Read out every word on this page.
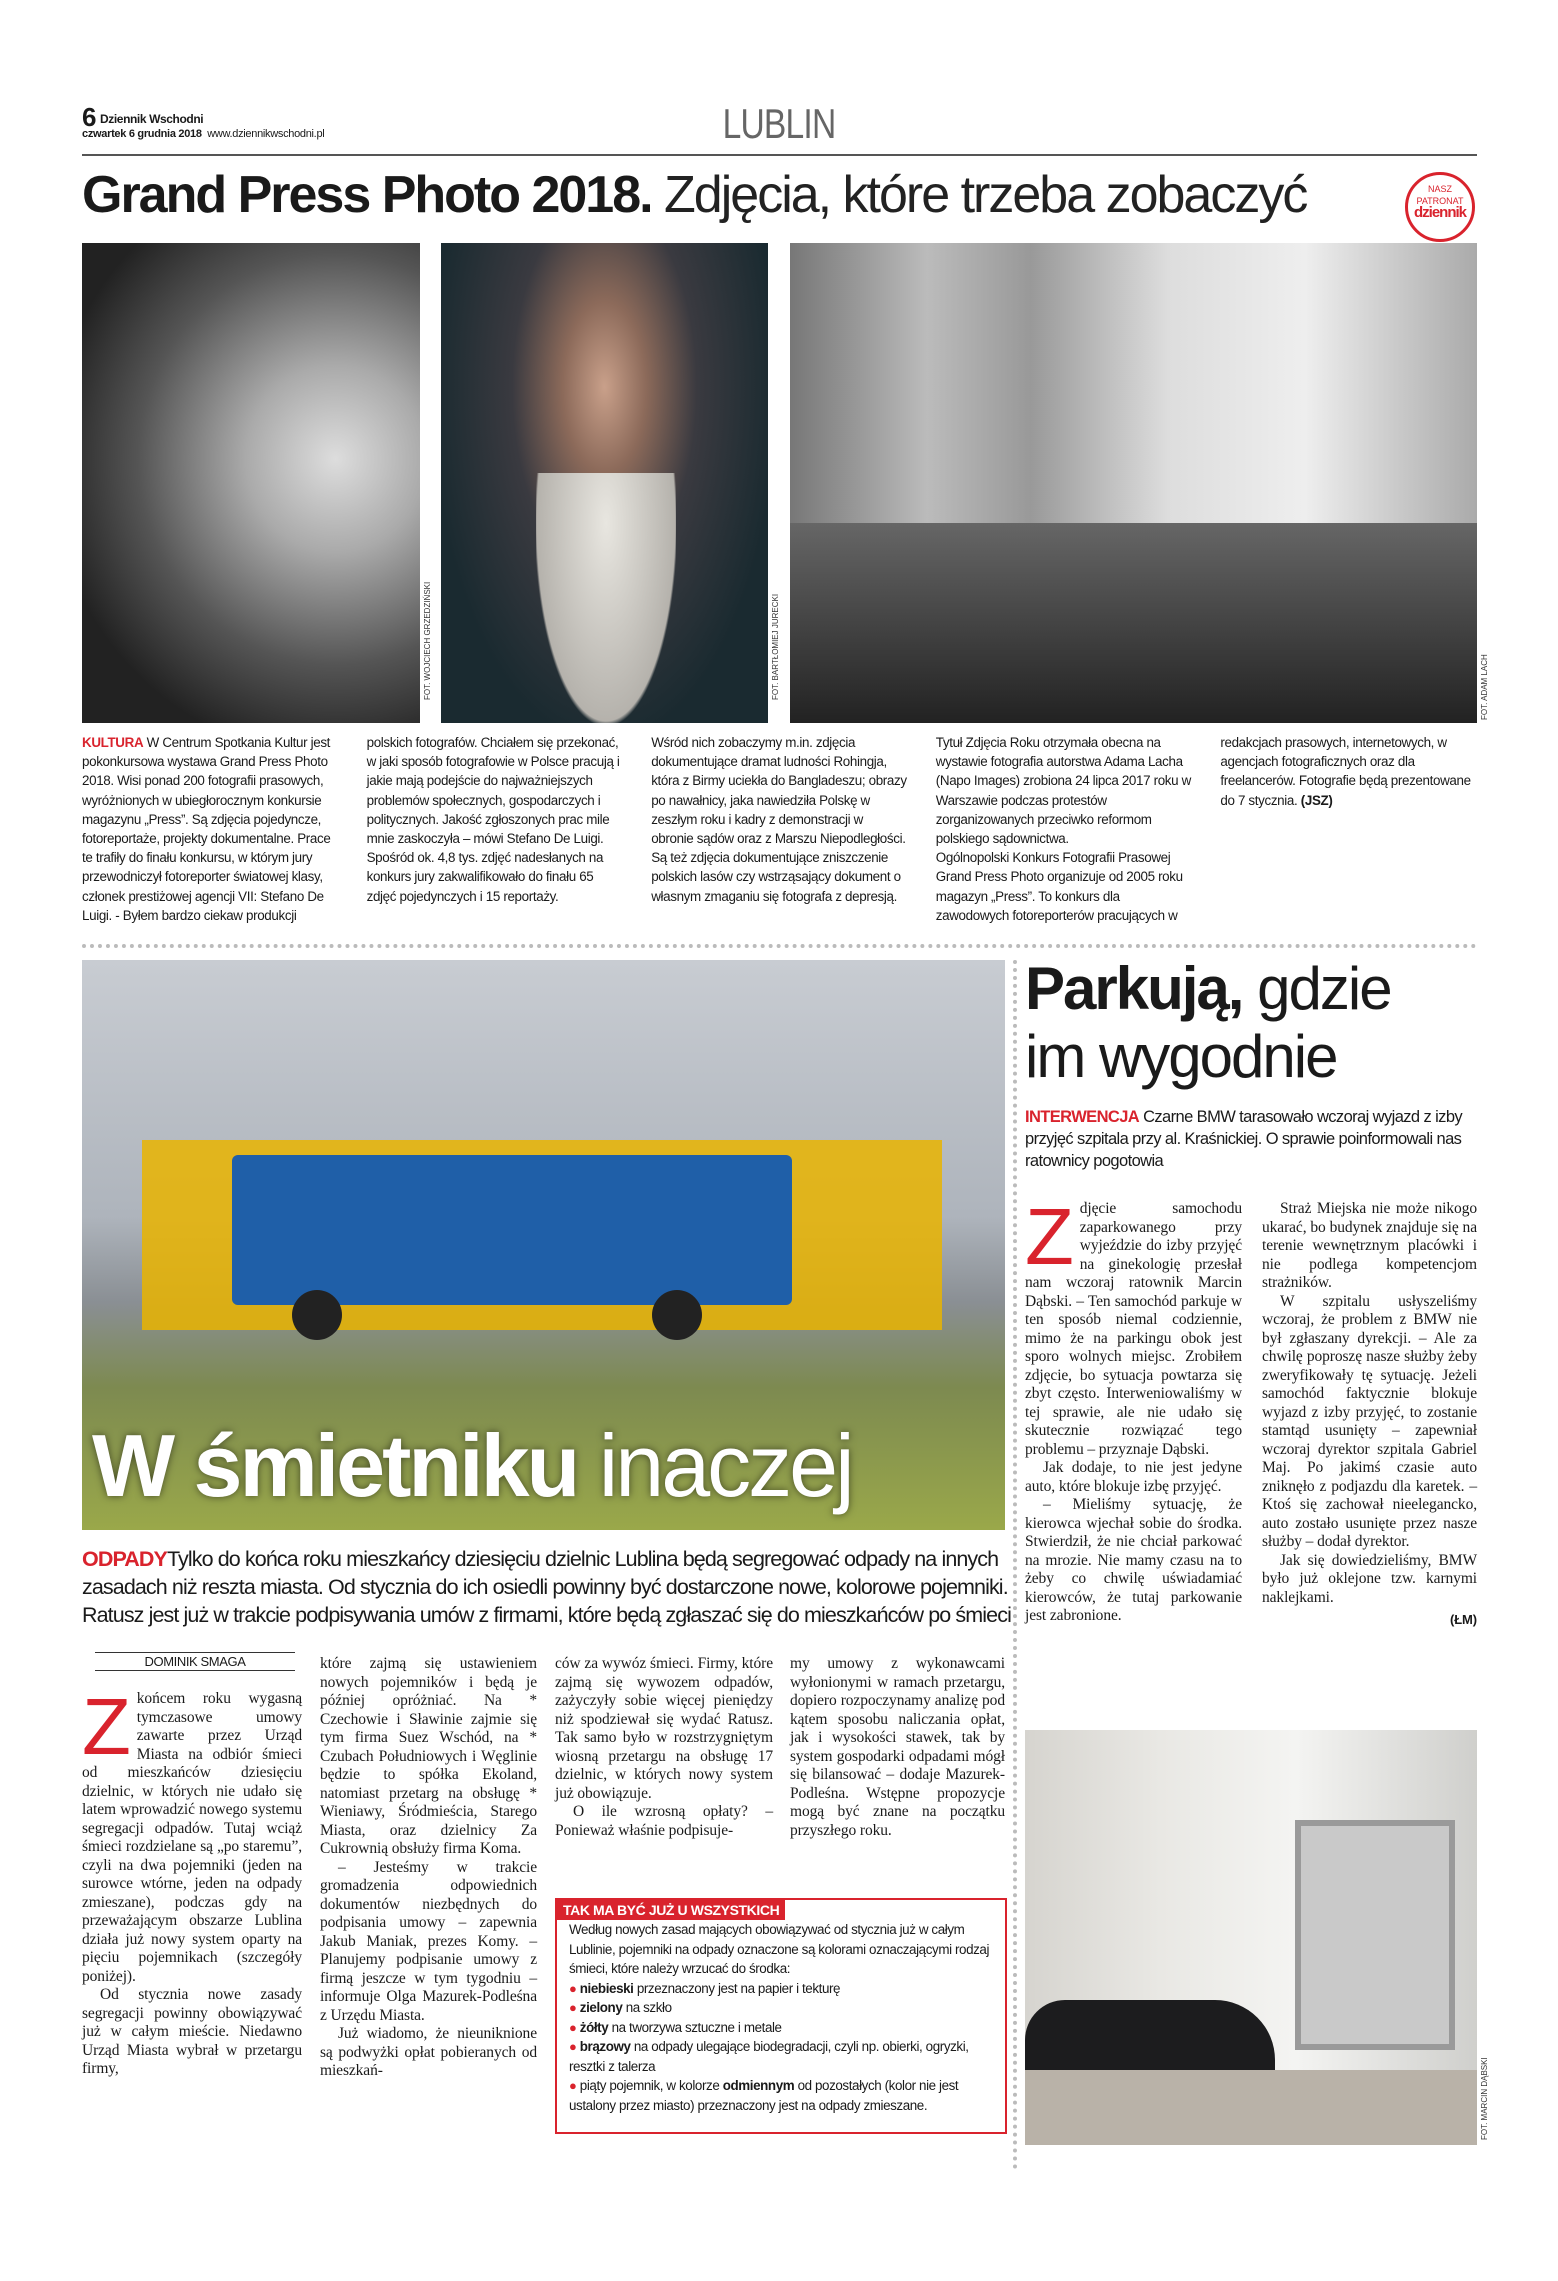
6 Dziennik Wschodni
czwartek 6 grudnia 2018 www.dziennikwschodni.pl	LUBLIN
Grand Press Photo 2018. Zdjęcia, które trzeba zobaczyć	NASZ
PATRONAT
dziennik
FOT. WOJCIECH GRZEDZIŃSKI	FOT. BARTŁOMIEJ JURECKI	FOT. ADAM LACH

KULTURA W Centrum Spotkania Kultur jest pokonkursowa wystawa Grand Press Photo 2018. Wisi ponad 200 fotografii prasowych, wyróżnionych w ubiegłorocznym konkursie magazynu „Press”. Są zdjęcia pojedyncze, fotoreportaże, projekty dokumentalne. Prace te trafiły do finału konkursu, w którym jury przewodniczył fotoreporter światowej klasy, członek prestiżowej agencji VII: Stefano De Luigi. - Byłem bardzo ciekaw produkcji polskich fotografów. Chciałem się przekonać, w jaki sposób fotografowie w Polsce pracują i jakie mają podejście do najważniejszych problemów społecznych, gospodarczych i politycznych. Jakość zgłoszonych prac mile mnie zaskoczyła – mówi Stefano De Luigi.

Spośród ok. 4,8 tys. zdjęć nadesłanych na konkurs jury zakwalifikowało do finału 65 zdjęć pojedynczych i 15 reportaży.

Wśród nich zobaczymy m.in. zdjęcia dokumentujące dramat ludności Rohingja, która z Birmy uciekła do Bangladeszu; obrazy po nawałnicy, jaka nawiedziła Polskę w zeszłym roku i kadry z demonstracji w obronie sądów oraz z Marszu Niepodległości. Są też zdjęcia dokumentujące zniszczenie polskich lasów czy wstrząsający dokument o własnym zmaganiu się fotografa z depresją.

Tytuł Zdjęcia Roku otrzymała obecna na wystawie fotografia autorstwa Adama Lacha (Napo Images) zrobiona 24 lipca 2017 roku w Warszawie podczas protestów zorganizowanych przeciwko reformom polskiego sądownictwa.

Ogólnopolski Konkurs Fotografii Prasowej Grand Press Photo organizuje od 2005 roku magazyn „Press”. To konkurs dla zawodowych fotoreporterów pracujących w redakcjach prasowych, internetowych, w agencjach fotograficznych oraz dla freelancerów. Fotografie będą prezentowane do 7 stycznia. (JSZ)

W śmietniku inaczej
ODPADYTylko do końca roku mieszkańcy dziesięciu dzielnic Lublina będą segregować odpady na innych zasadach niż reszta miasta. Od stycznia do ich osiedli powinny być dostarczone nowe, kolorowe pojemniki. Ratusz jest już w trakcie podpisywania umów z firmami, które będą zgłaszać się do mieszkańców po śmieci
DOMINIK SMAGA

Zkońcem roku wygasną tymczasowe umowy zawarte przez Urząd Miasta na odbiór śmieci od mieszkańców dziesięciu dzielnic, w których nie udało się latem wprowadzić nowego systemu segregacji odpadów. Tutaj wciąż śmieci rozdzielane są „po staremu”, czyli na dwa pojemniki (jeden na surowce wtórne, jeden na odpady zmieszane), podczas gdy na przeważającym obszarze Lublina działa już nowy system oparty na pięciu pojemnikach (szczegóły poniżej).

Od stycznia nowe zasady segregacji powinny obowiązywać już w całym mieście. Niedawno Urząd Miasta wybrał w przetargu firmy,

które zajmą się ustawieniem nowych pojemników i będą je później opróżniać. Na * Czechowie i Sławinie zajmie się tym firma Suez Wschód, na * Czubach Południowych i Węglinie będzie to spółka Ekoland, natomiast przetarg na obsługę * Wieniawy, Śródmieścia, Starego Miasta, oraz dzielnicy Za Cukrownią obsłuży firma Koma.

– Jesteśmy w trakcie gromadzenia odpowiednich dokumentów niezbędnych do podpisania umowy – zapewnia Jakub Maniak, prezes Komy. – Planujemy podpisanie umowy z firmą jeszcze w tym tygodniu – informuje Olga Mazurek-Podleśna z Urzędu Miasta.

Już wiadomo, że nieuniknione są podwyżki opłat pobieranych od mieszkań-

ców za wywóz śmieci. Firmy, które zajmą się wywozem odpadów, zażyczyły sobie więcej pieniędzy niż spodziewał się wydać Ratusz. Tak samo było w rozstrzygniętym wiosną przetargu na obsługę 17 dzielnic, w których nowy system już obowiązuje.

O ile wzrosną opłaty? – Ponieważ właśnie podpisuje-

my umowy z wykonawcami wyłonionymi w ramach przetargu, dopiero rozpoczynamy analizę pod kątem sposobu naliczania opłat, jak i wysokości stawek, tak by system gospodarki odpadami mógł się bilansować – dodaje Mazurek-Podleśna. Wstępne propozycje mogą być znane na początku przyszłego roku.

TAK MA BYĆ JUŻ U WSZYSTKICH
Według nowych zasad mających obowiązywać od stycznia już w całym Lublinie, pojemniki na odpady oznaczone są kolorami oznaczającymi rodzaj śmieci, które należy wrzucać do środka:
● niebieski przeznaczony jest na papier i tekturę
● zielony na szkło
● żółty na tworzywa sztuczne i metale
● brązowy na odpady ulegające biodegradacji, czyli np. obierki, ogryzki, resztki z talerza
● piąty pojemnik, w kolorze odmiennym od pozostałych (kolor nie jest ustalony przez miasto) przeznaczony jest na odpady zmieszane.
Parkują, gdzie
im wygodnie
INTERWENCJA Czarne BMW tarasowało wczoraj wyjazd z izby przyjęć szpitala przy al. Kraśnickiej. O sprawie poinformowali nas ratownicy pogotowia

Zdjęcie samochodu zaparkowanego przy wyjeździe do izby przyjęć na ginekologię przesłał nam wczoraj ratownik Marcin Dąbski. – Ten samochód parkuje w ten sposób niemal codziennie, mimo że na parkingu obok jest sporo wolnych miejsc. Zrobiłem zdjęcie, bo sytuacja powtarza się zbyt często. Interweniowaliśmy w tej sprawie, ale nie udało się skutecznie rozwiązać tego problemu – przyznaje Dąbski.

Jak dodaje, to nie jest jedyne auto, które blokuje izbę przyjęć.

– Mieliśmy sytuację, że kierowca wjechał sobie do środka. Stwierdził, że nie chciał parkować na mrozie. Nie mamy czasu na to żeby co chwilę uświadamiać kierowców, że tutaj parkowanie jest zabronione.

Straż Miejska nie może nikogo ukarać, bo budynek znajduje się na terenie wewnętrznym placówki i nie podlega kompetencjom strażników.

W szpitalu usłyszeliśmy wczoraj, że problem z BMW nie był zgłaszany dyrekcji. – Ale za chwilę poproszę nasze służby żeby zweryfikowały tę sytuację. Jeżeli samochód faktycznie blokuje wyjazd z izby przyjęć, to zostanie stamtąd usunięty – zapewniał wczoraj dyrektor szpitala Gabriel Maj. Po jakimś czasie auto zniknęło z podjazdu dla karetek. – Ktoś się zachował nieelegancko, auto zostało usunięte przez nasze służby – dodał dyrektor.

Jak się dowiedzieliśmy, BMW było już oklejone tzw. karnymi naklejkami.

(ŁM)
FOT. MARCIN DĄBSKI
